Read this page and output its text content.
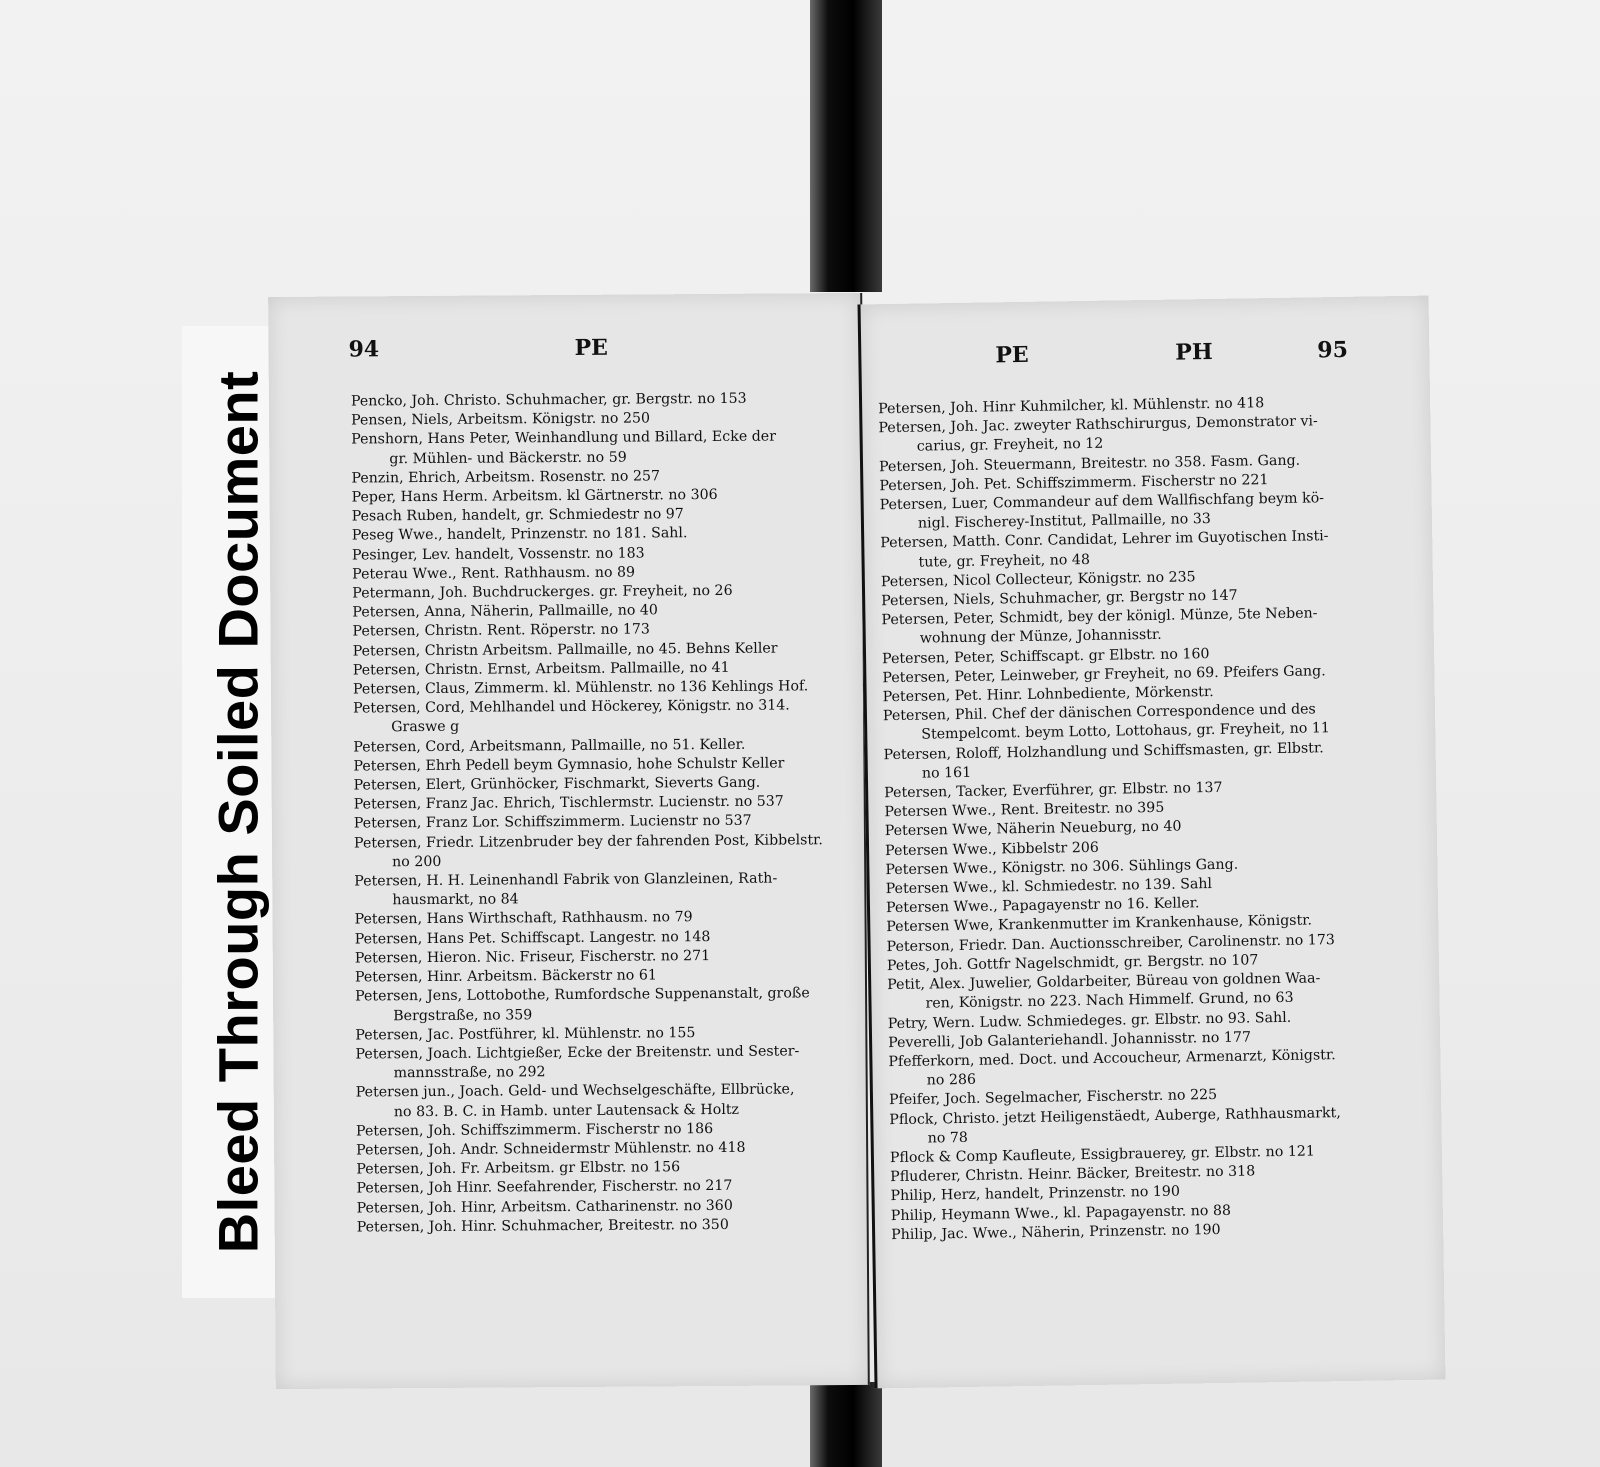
Bleed Through Soiled Document
94	PE
Pencko, Joh. Christo. Schuhmacher, gr. Bergstr. no 153
Pensen, Niels, Arbeitsm. Königstr. no 250
Penshorn, Hans Peter, Weinhandlung und Billard, Ecke der
gr. Mühlen- und Bäckerstr. no 59
Penzin, Ehrich, Arbeitsm. Rosenstr. no 257
Peper, Hans Herm. Arbeitsm. kl Gärtnerstr. no 306
Pesach Ruben, handelt, gr. Schmiedestr no 97
Peseg Wwe., handelt, Prinzenstr. no 181. Sahl.
Pesinger, Lev. handelt, Vossenstr. no 183
Peterau Wwe., Rent. Rathhausm. no 89
Petermann, Joh. Buchdruckerges. gr. Freyheit, no 26
Petersen, Anna, Näherin, Pallmaille, no 40
Petersen, Christn. Rent. Röperstr. no 173
Petersen, Christn Arbeitsm. Pallmaille, no 45. Behns Keller
Petersen, Christn. Ernst, Arbeitsm. Pallmaille, no 41
Petersen, Claus, Zimmerm. kl. Mühlenstr. no 136 Kehlings Hof.
Petersen, Cord, Mehlhandel und Höckerey, Königstr. no 314.
Graswe g
Petersen, Cord, Arbeitsmann, Pallmaille, no 51. Keller.
Petersen, Ehrh Pedell beym Gymnasio, hohe Schulstr Keller
Petersen, Elert, Grünhöcker, Fischmarkt, Sieverts Gang.
Petersen, Franz Jac. Ehrich, Tischlermstr. Lucienstr. no 537
Petersen, Franz Lor. Schiffszimmerm. Lucienstr no 537
Petersen, Friedr. Litzenbruder bey der fahrenden Post, Kibbelstr.
no 200
Petersen, H. H. Leinenhandl Fabrik von Glanzleinen, Rath-
hausmarkt, no 84
Petersen, Hans Wirthschaft, Rathhausm. no 79
Petersen, Hans Pet. Schiffscapt. Langestr. no 148
Petersen, Hieron. Nic. Friseur, Fischerstr. no 271
Petersen, Hinr. Arbeitsm. Bäckerstr no 61
Petersen, Jens, Lottobothe, Rumfordsche Suppenanstalt, große
Bergstraße, no 359
Petersen, Jac. Postführer, kl. Mühlenstr. no 155
Petersen, Joach. Lichtgießer, Ecke der Breitenstr. und Sester-
mannsstraße, no 292
Petersen jun., Joach. Geld- und Wechselgeschäfte, Ellbrücke,
no 83. B. C. in Hamb. unter Lautensack & Holtz
Petersen, Joh. Schiffszimmerm. Fischerstr no 186
Petersen, Joh. Andr. Schneidermstr Mühlenstr. no 418
Petersen, Joh. Fr. Arbeitsm. gr Elbstr. no 156
Petersen, Joh Hinr. Seefahrender, Fischerstr. no 217
Petersen, Joh. Hinr, Arbeitsm. Catharinenstr. no 360
Petersen, Joh. Hinr. Schuhmacher, Breitestr. no 350
PE	PH	95
Petersen, Joh. Hinr Kuhmilcher, kl. Mühlenstr. no 418
Petersen, Joh. Jac. zweyter Rathschirurgus, Demonstrator vi-
carius, gr. Freyheit, no 12
Petersen, Joh. Steuermann, Breitestr. no 358. Fasm. Gang.
Petersen, Joh. Pet. Schiffszimmerm. Fischerstr no 221
Petersen, Luer, Commandeur auf dem Wallfischfang beym kö-
nigl. Fischerey-Institut, Pallmaille, no 33
Petersen, Matth. Conr. Candidat, Lehrer im Guyotischen Insti-
tute, gr. Freyheit, no 48
Petersen, Nicol Collecteur, Königstr. no 235
Petersen, Niels, Schuhmacher, gr. Bergstr no 147
Petersen, Peter, Schmidt, bey der königl. Münze, 5te Neben-
wohnung der Münze, Johannisstr.
Petersen, Peter, Schiffscapt. gr Elbstr. no 160
Petersen, Peter, Leinweber, gr Freyheit, no 69. Pfeifers Gang.
Petersen, Pet. Hinr. Lohnbediente, Mörkenstr.
Petersen, Phil. Chef der dänischen Correspondence und des
Stempelcomt. beym Lotto, Lottohaus, gr. Freyheit, no 11
Petersen, Roloff, Holzhandlung und Schiffsmasten, gr. Elbstr.
no 161
Petersen, Tacker, Everführer, gr. Elbstr. no 137
Petersen Wwe., Rent. Breitestr. no 395
Petersen Wwe, Näherin Neueburg, no 40
Petersen Wwe., Kibbelstr 206
Petersen Wwe., Königstr. no 306. Sühlings Gang.
Petersen Wwe., kl. Schmiedestr. no 139. Sahl
Petersen Wwe., Papagayenstr no 16. Keller.
Petersen Wwe, Krankenmutter im Krankenhause, Königstr.
Peterson, Friedr. Dan. Auctionsschreiber, Carolinenstr. no 173
Petes, Joh. Gottfr Nagelschmidt, gr. Bergstr. no 107
Petit, Alex. Juwelier, Goldarbeiter, Büreau von goldnen Waa-
ren, Königstr. no 223. Nach Himmelf. Grund, no 63
Petry, Wern. Ludw. Schmiedeges. gr. Elbstr. no 93. Sahl.
Peverelli, Job Galanteriehandl. Johannisstr. no 177
Pfefferkorn, med. Doct. und Accoucheur, Armenarzt, Königstr.
no 286
Pfeifer, Joch. Segelmacher, Fischerstr. no 225
Pflock, Christo. jetzt Heiligenstäedt, Auberge, Rathhausmarkt,
no 78
Pflock & Comp Kaufleute, Essigbrauerey, gr. Elbstr. no 121
Pfluderer, Christn. Heinr. Bäcker, Breitestr. no 318
Philip, Herz, handelt, Prinzenstr. no 190
Philip, Heymann Wwe., kl. Papagayenstr. no 88
Philip, Jac. Wwe., Näherin, Prinzenstr. no 190
